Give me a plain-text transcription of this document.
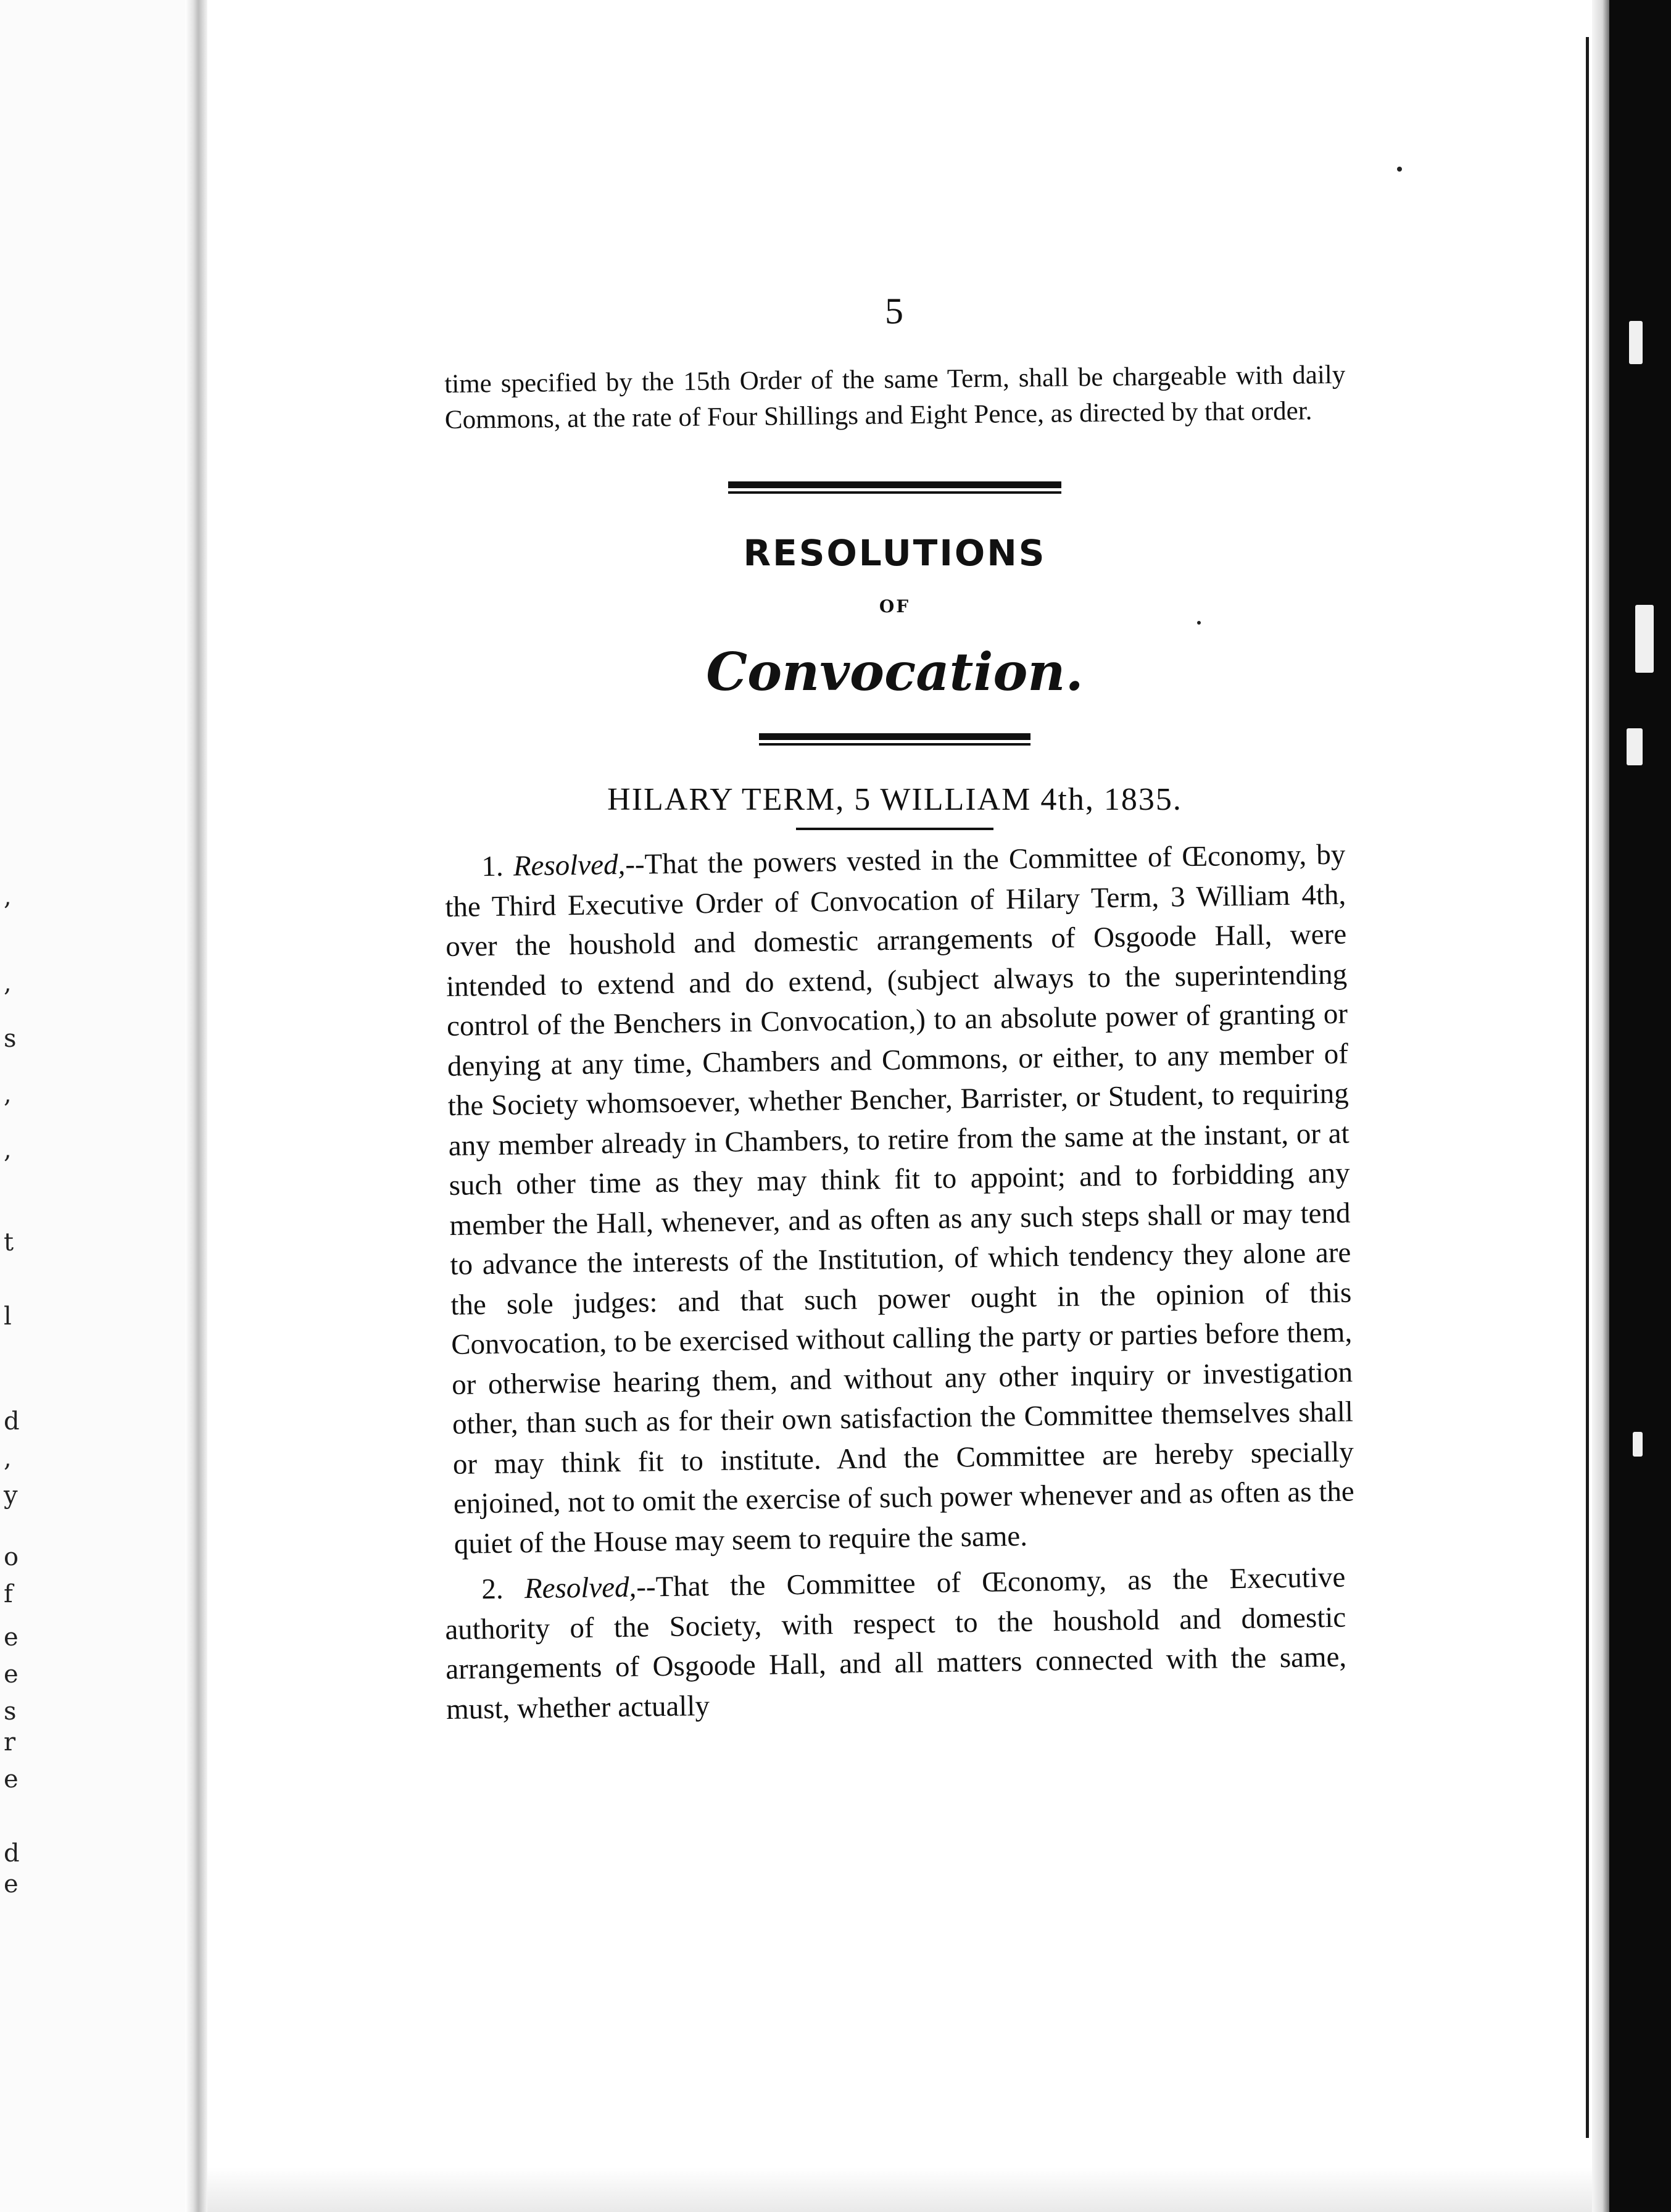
,
,
s
,
,
t
l
d
,
y
o
f
e
e
s
r
e
d
e
5

time specified by the 15th Order of the same Term, shall be chargeable with daily Commons, at the rate of Four Shillings and Eight Pence, as directed by that order.

RESOLUTIONS
OF
Convocation.
HILARY TERM, 5 WILLIAM 4th, 1835.

1. Resolved,--That the powers vested in the Committee of Œconomy, by the Third Executive Order of Convocation of Hilary Term, 3 William 4th, over the houshold and domestic arrangements of Osgoode Hall, were intended to extend and do extend, (subject always to the superintending control of the Benchers in Convocation,) to an absolute power of granting or denying at any time, Chambers and Commons, or either, to any member of the Society whomsoever, whether Bencher, Barrister, or Student, to requiring any member already in Chambers, to retire from the same at the instant, or at such other time as they may think fit to appoint; and to forbidding any member the Hall, whenever, and as often as any such steps shall or may tend to advance the interests of the Institution, of which tendency they alone are the sole judges: and that such power ought in the opinion of this Convocation, to be exercised without calling the party or parties before them, or otherwise hearing them, and without any other inquiry or investigation other, than such as for their own satisfaction the Committee themselves shall or may think fit to institute. And the Committee are hereby specially enjoined, not to omit the exercise of such power whenever and as often as the quiet of the House may seem to require the same.

2. Resolved,--That the Committee of Œconomy, as the Executive authority of the Society, with respect to the houshold and domestic arrangements of Osgoode Hall, and all matters connected with the same, must, whether actually
